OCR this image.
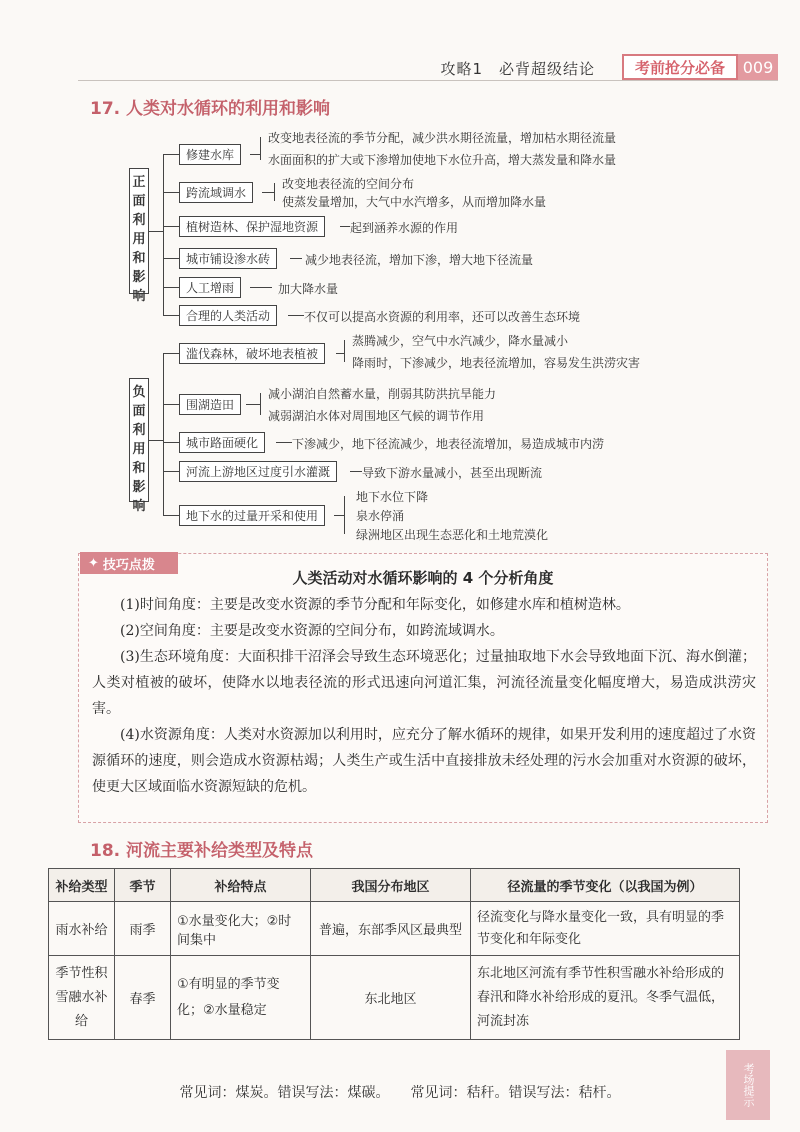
攻略1　必背超级结论	考前抢分必备	009
17. 人类对水循环的利用和影响
正面利用和影响
修建水库
改变地表径流的季节分配，减少洪水期径流量，增加枯水期径流量
水面面积的扩大或下渗增加使地下水位升高，增大蒸发量和降水量
跨流域调水
改变地表径流的空间分布
使蒸发量增加，大气中水汽增多，从而增加降水量
植树造林、保护湿地资源	起到涵养水源的作用
城市铺设渗水砖	减少地表径流，增加下渗，增大地下径流量
人工增雨	加大降水量
合理的人类活动	不仅可以提高水资源的利用率，还可以改善生态环境
负面利用和影响
滥伐森林，破坏地表植被
蒸腾减少，空气中水汽减少，降水量减小
降雨时，下渗减少，地表径流增加，容易发生洪涝灾害
围湖造田
减小湖泊自然蓄水量，削弱其防洪抗旱能力
减弱湖泊水体对周围地区气候的调节作用
城市路面硬化	下渗减少，地下径流减少，地表径流增加，易造成城市内涝
河流上游地区过度引水灌溉	导致下游水量减小，甚至出现断流
地下水的过量开采和使用
地下水位下降
泉水停涌
绿洲地区出现生态恶化和土地荒漠化
✦ 技巧点拨
人类活动对水循环影响的 4 个分析角度

(1)时间角度：主要是改变水资源的季节分配和年际变化，如修建水库和植树造林。

(2)空间角度：主要是改变水资源的空间分布，如跨流域调水。

(3)生态环境角度：大面积排干沼泽会导致生态环境恶化；过量抽取地下水会导致地面下沉、海水倒灌；人类对植被的破坏，使降水以地表径流的形式迅速向河道汇集，河流径流量变化幅度增大，易造成洪涝灾害。

(4)水资源角度：人类对水资源加以利用时，应充分了解水循环的规律，如果开发利用的速度超过了水资源循环的速度，则会造成水资源枯竭；人类生产或生活中直接排放未经处理的污水会加重对水资源的破坏，使更大区域面临水资源短缺的危机。

18. 河流主要补给类型及特点
补给类型	季节	补给特点	我国分布地区	径流量的季节变化（以我国为例）
雨水补给	雨季	①水量变化大；②时间集中	普遍，东部季风区最典型	径流变化与降水量变化一致，具有明显的季节变化和年际变化
季节性积雪融水补给	春季	①有明显的季节变化；②水量稳定	东北地区	东北地区河流有季节性积雪融水补给形成的春汛和降水补给形成的夏汛。冬季气温低，河流封冻
常见词：煤炭。错误写法：煤碳。　　常见词：秸秆。错误写法：秸杆。	考场提示
